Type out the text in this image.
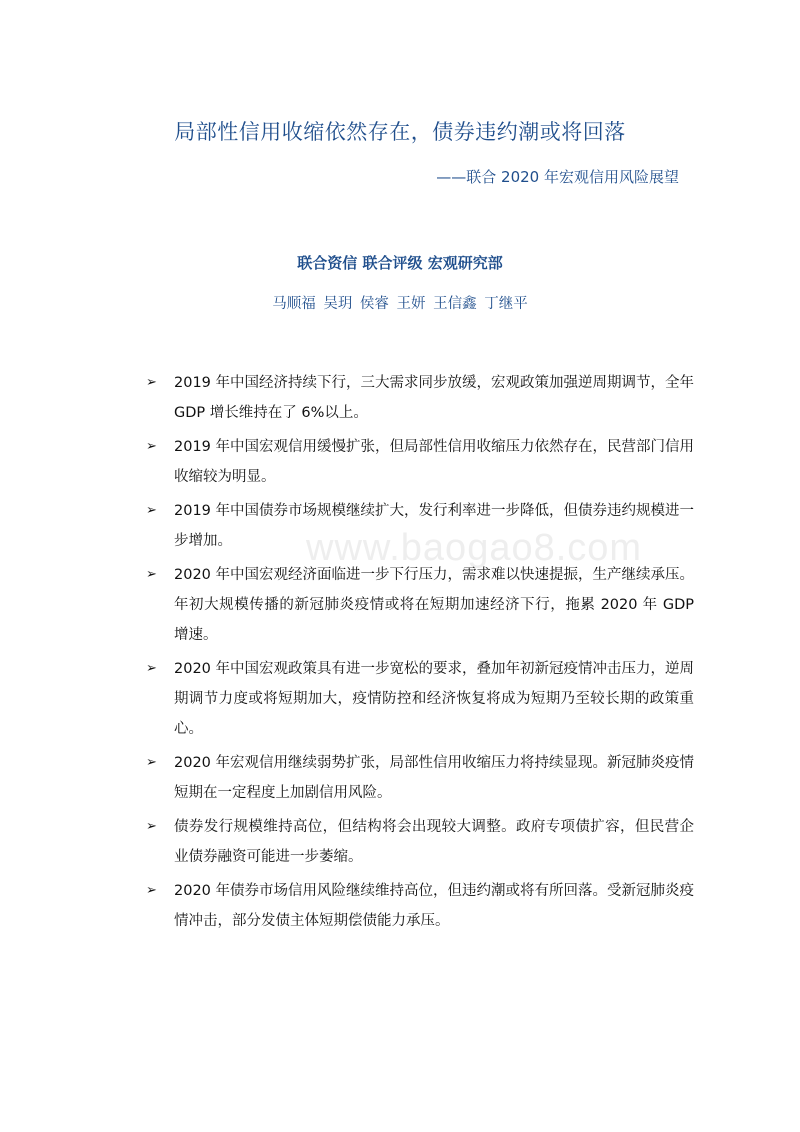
局部性信用收缩依然存在，债券违约潮或将回落
——联合 2020 年宏观信用风险展望
联合资信 联合评级 宏观研究部
马顺福 吴玥 侯睿 王妍 王信鑫 丁继平
www.baogao8.com
➢ 2019 年中国经济持续下行，三大需求同步放缓，宏观政策加强逆周期调节，全年 GDP 增长维持在了 6%以上。
➢ 2019 年中国宏观信用缓慢扩张，但局部性信用收缩压力依然存在，民营部门信用收缩较为明显。
➢ 2019 年中国债券市场规模继续扩大，发行利率进一步降低，但债券违约规模进一步增加。
➢ 2020 年中国宏观经济面临进一步下行压力，需求难以快速提振，生产继续承压。年初大规模传播的新冠肺炎疫情或将在短期加速经济下行，拖累 2020 年 GDP 增速。
➢ 2020 年中国宏观政策具有进一步宽松的要求，叠加年初新冠疫情冲击压力，逆周期调节力度或将短期加大，疫情防控和经济恢复将成为短期乃至较长期的政策重心。
➢ 2020 年宏观信用继续弱势扩张，局部性信用收缩压力将持续显现。新冠肺炎疫情短期在一定程度上加剧信用风险。
➢ 债券发行规模维持高位，但结构将会出现较大调整。政府专项债扩容，但民营企业债券融资可能进一步萎缩。
➢ 2020 年债券市场信用风险继续维持高位，但违约潮或将有所回落。受新冠肺炎疫情冲击，部分发债主体短期偿债能力承压。
